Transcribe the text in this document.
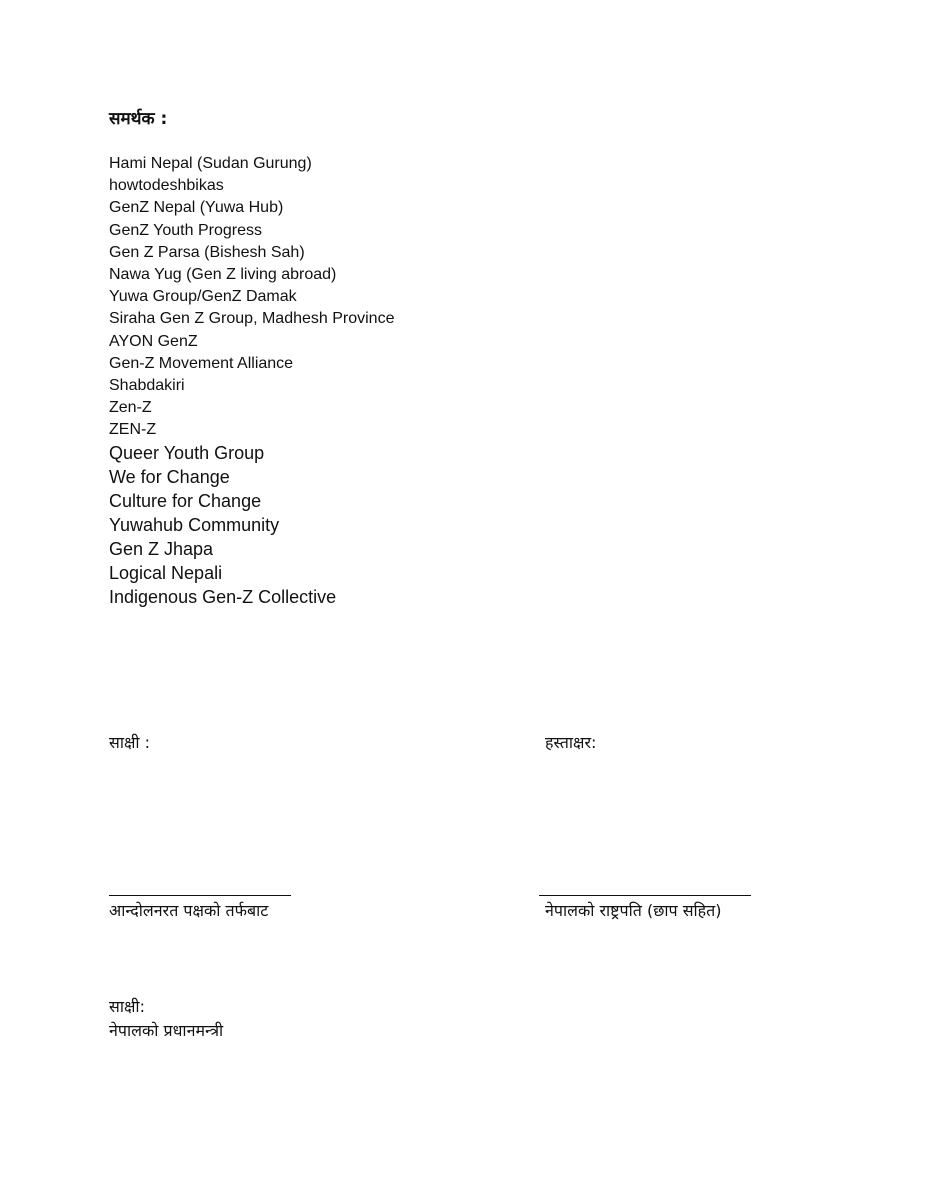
समर्थक :
Hami Nepal (Sudan Gurung)
howtodeshbikas
GenZ Nepal (Yuwa Hub)
GenZ Youth Progress
Gen Z Parsa (Bishesh Sah)
Nawa Yug (Gen Z living abroad)
Yuwa Group/GenZ Damak
Siraha Gen Z Group, Madhesh Province
AYON GenZ
Gen-Z Movement Alliance
Shabdakiri
Zen-Z
ZEN-Z
Queer Youth Group
We for Change
Culture for Change
Yuwahub Community
Gen Z Jhapa
Logical Nepali
Indigenous Gen-Z Collective
साक्षी :	हस्ताक्षर:
आन्दोलनरत पक्षको तर्फबाट	नेपालको राष्ट्रपति (छाप सहित)
साक्षी:
नेपालको प्रधानमन्त्री
